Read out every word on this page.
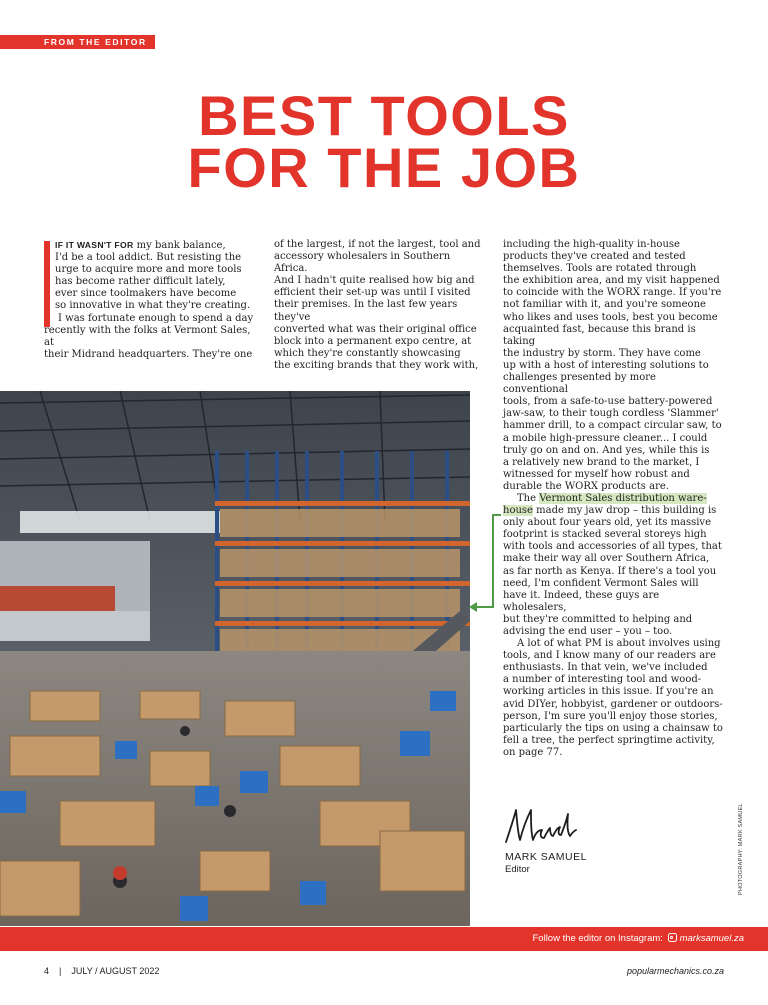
FROM THE EDITOR
BEST TOOLS
FOR THE JOB

IF IT WASN'T FOR my bank balance,
I'd be a tool addict. But resisting the
urge to acquire more and more tools
has become rather difficult lately,
ever since toolmakers have become
so innovative in what they're creating.

I was fortunate enough to spend a day
recently with the folks at Vermont Sales, at
their Midrand headquarters. They're one

of the largest, if not the largest, tool and
accessory wholesalers in Southern Africa.
And I hadn't quite realised how big and
efficient their set-up was until I visited
their premises. In the last few years they've
converted what was their original office
block into a permanent expo centre, at
which they're constantly showcasing
the exciting brands that they work with,

including the high-quality in-house
products they've created and tested
themselves. Tools are rotated through
the exhibition area, and my visit happened
to coincide with the WORX range. If you're
not familiar with it, and you're someone
who likes and uses tools, best you become
acquainted fast, because this brand is taking
the industry by storm. They have come
up with a host of interesting solutions to
challenges presented by more conventional
tools, from a safe-to-use battery-powered
jaw-saw, to their tough cordless 'Slammer'
hammer drill, to a compact circular saw, to
a mobile high-pressure cleaner... I could
truly go on and on. And yes, while this is
a relatively new brand to the market, I
witnessed for myself how robust and
durable the WORX products are.

The Vermont Sales distribution ware-
house made my jaw drop – this building is
only about four years old, yet its massive
footprint is stacked several storeys high
with tools and accessories of all types, that
make their way all over Southern Africa,
as far north as Kenya. If there's a tool you
need, I'm confident Vermont Sales will
have it. Indeed, these guys are wholesalers,
but they're committed to helping and
advising the end user – you – too.

A lot of what PM is about involves using
tools, and I know many of our readers are
enthusiasts. In that vein, we've included
a number of interesting tool and wood-
working articles in this issue. If you're an
avid DIYer, hobbyist, gardener or outdoors-
person, I'm sure you'll enjoy those stories,
particularly the tips on using a chainsaw to
fell a tree, the perfect springtime activity,
on page 77.

MARK SAMUEL
Editor	PHOTOGRAPHY: MARK SAMUEL
Follow the editor on Instagram: marksamuel.za
4 | JULY / AUGUST 2022	popularmechanics.co.za
